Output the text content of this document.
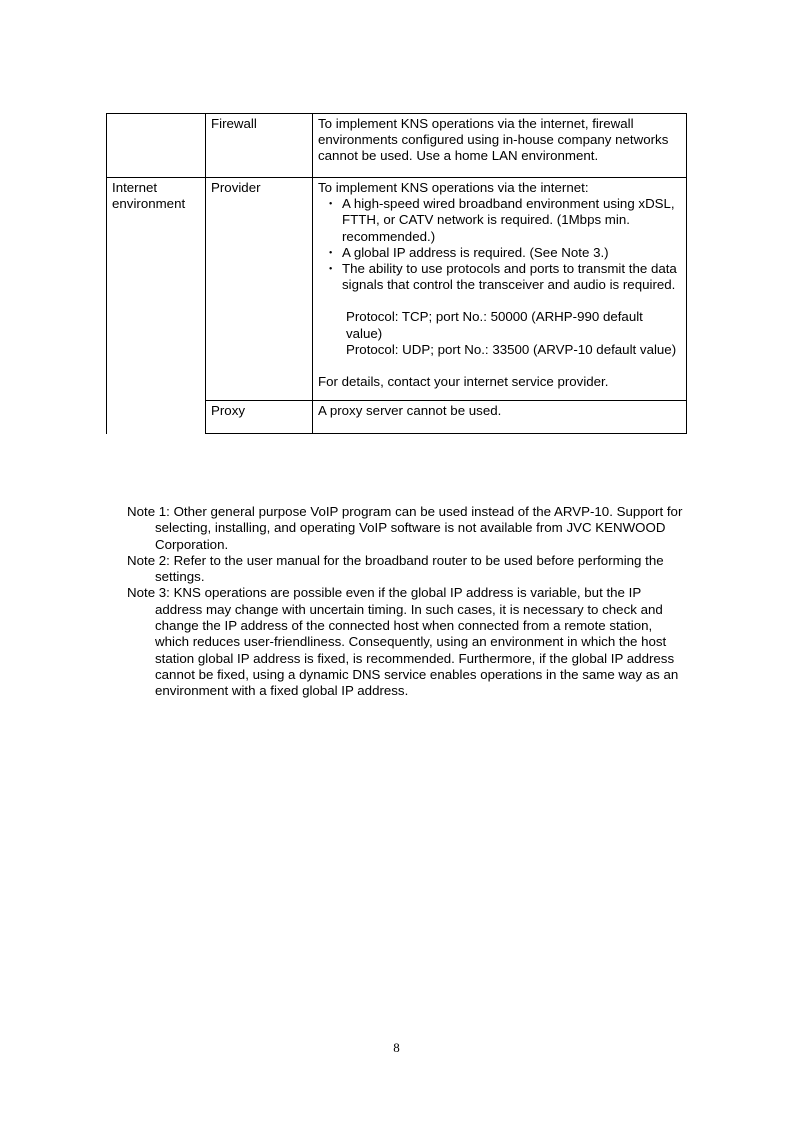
	Firewall	To implement KNS operations via the internet, firewall environments configured using in-house company networks cannot be used. Use a home LAN environment.
Internet environment	Provider	To implement KNS operations via the internet:
・ A high-speed wired broadband environment using xDSL, FTTH, or CATV network is required. (1Mbps min. recommended.)
・ A global IP address is required. (See Note 3.)
・ The ability to use protocols and ports to transmit the data signals that control the transceiver and audio is required.
Protocol: TCP; port No.: 50000 (ARHP-990 default value)
Protocol: UDP; port No.: 33500 (ARVP-10 default value)
For details, contact your internet service provider.

	Proxy	A proxy server cannot be used.
Note 1: Other general purpose VoIP program can be used instead of the ARVP-10. Support for selecting, installing, and operating VoIP software is not available from JVC KENWOOD Corporation.
Note 2: Refer to the user manual for the broadband router to be used before performing the settings.
Note 3: KNS operations are possible even if the global IP address is variable, but the IP address may change with uncertain timing. In such cases, it is necessary to check and change the IP address of the connected host when connected from a remote station, which reduces user-friendliness. Consequently, using an environment in which the host station global IP address is fixed, is recommended. Furthermore, if the global IP address cannot be fixed, using a dynamic DNS service enables operations in the same way as an environment with a fixed global IP address.
8
